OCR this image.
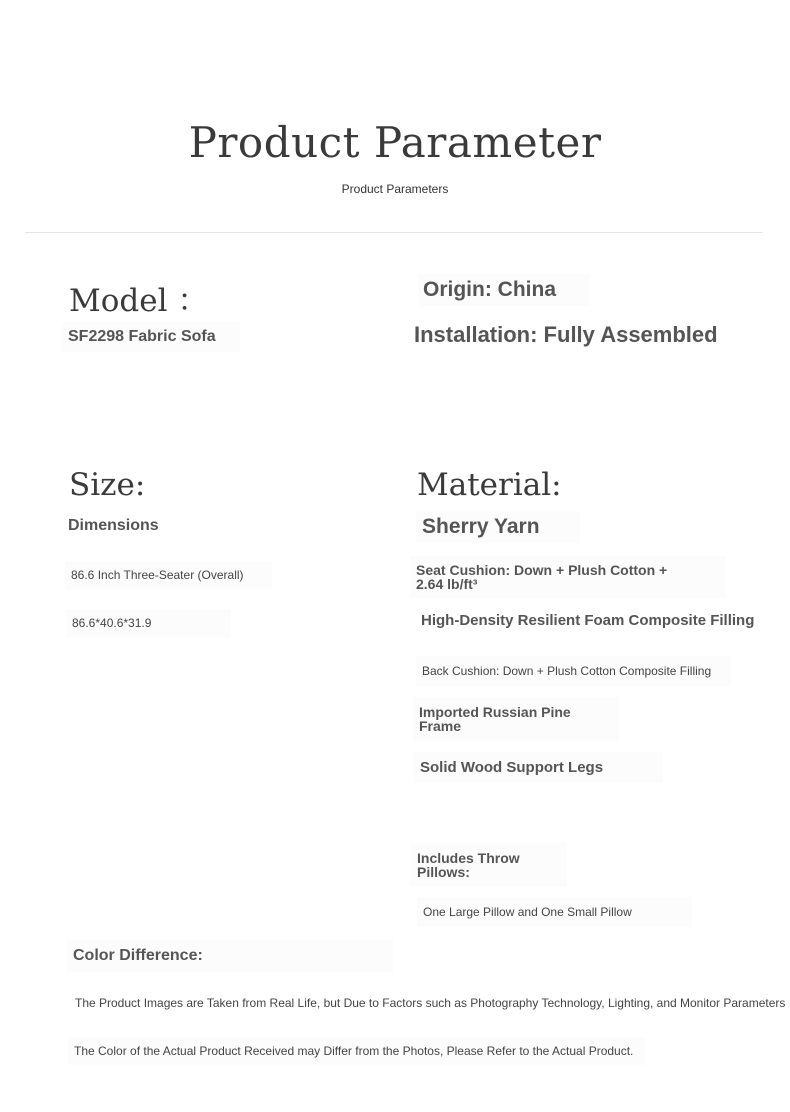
Product Parameter
Product Parameters
Model ：
SF2298 Fabric Sofa
Origin: China
Installation: Fully Assembled
Size:
Dimensions
86.6 Inch Three-Seater (Overall)
86.6*40.6*31.9
Material:
Sherry Yarn
Seat Cushion: Down + Plush Cotton + 2.64 lb/ft³
High-Density Resilient Foam Composite Filling
Back Cushion: Down + Plush Cotton Composite Filling
Imported Russian Pine Frame
Solid Wood Support Legs
Includes Throw Pillows:
One Large Pillow and One Small Pillow
Color Difference:
The Product Images are Taken from Real Life, but Due to Factors such as Photography Technology, Lighting, and Monitor Parameters
The Color of the Actual Product Received may Differ from the Photos, Please Refer to the Actual Product.
